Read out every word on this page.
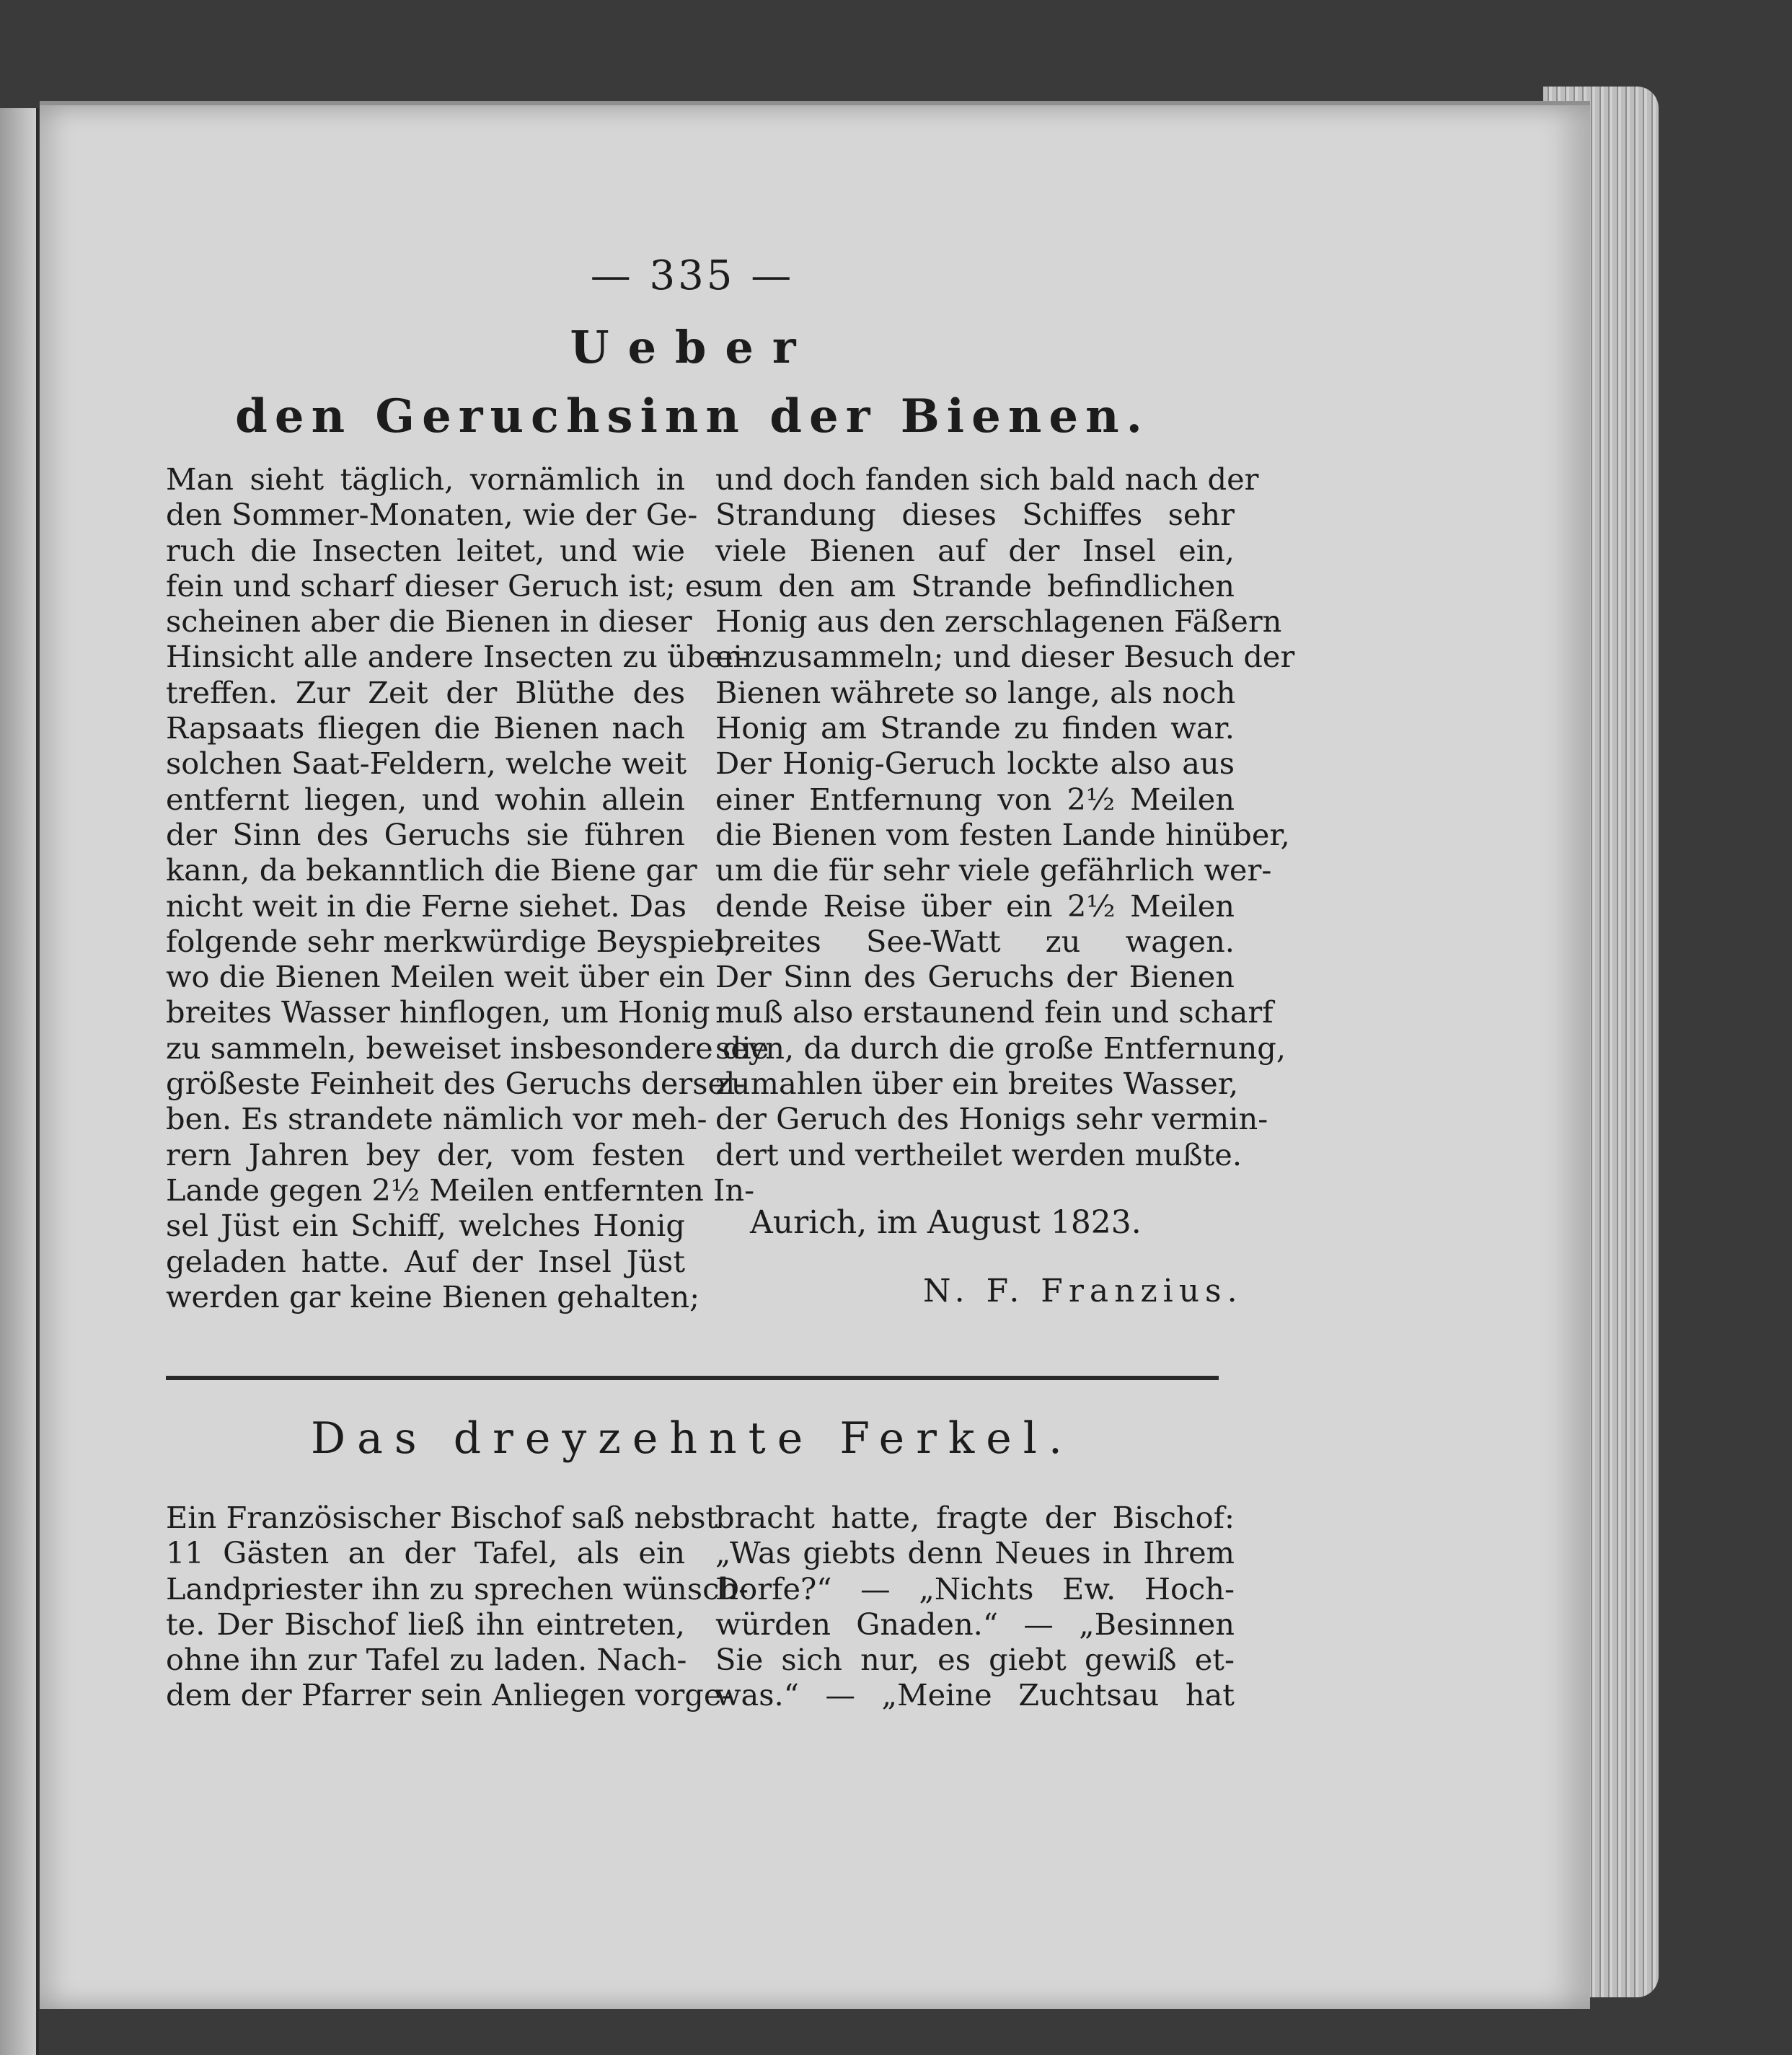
— 335 —
Ueber
den Geruchsinn der Bienen.
Man sieht täglich, vornämlich in
den Sommer-Monaten, wie der Ge-
ruch die Insecten leitet, und wie
fein und scharf dieser Geruch ist; es
scheinen aber die Bienen in dieser
Hinsicht alle andere Insecten zu über-
treffen. Zur Zeit der Blüthe des
Rapsaats fliegen die Bienen nach
solchen Saat-Feldern, welche weit
entfernt liegen, und wohin allein
der Sinn des Geruchs sie führen
kann, da bekanntlich die Biene gar
nicht weit in die Ferne siehet. Das
folgende sehr merkwürdige Beyspiel,
wo die Bienen Meilen weit über ein
breites Wasser hinflogen, um Honig
zu sammeln, beweiset insbesondere die
größeste Feinheit des Geruchs dersel-
ben. Es strandete nämlich vor meh-
rern Jahren bey der, vom festen
Lande gegen 2½ Meilen entfernten In-
sel Jüst ein Schiff, welches Honig
geladen hatte. Auf der Insel Jüst
werden gar keine Bienen gehalten;
und doch fanden sich bald nach der
Strandung dieses Schiffes sehr
viele Bienen auf der Insel ein,
um den am Strande befindlichen
Honig aus den zerschlagenen Fäßern
einzusammeln; und dieser Besuch der
Bienen währete so lange, als noch
Honig am Strande zu finden war.
Der Honig-Geruch lockte also aus
einer Entfernung von 2½ Meilen
die Bienen vom festen Lande hinüber,
um die für sehr viele gefährlich wer-
dende Reise über ein 2½ Meilen
breites See-Watt zu wagen.
Der Sinn des Geruchs der Bienen
muß also erstaunend fein und scharf
seyn, da durch die große Entfernung,
zumahlen über ein breites Wasser,
der Geruch des Honigs sehr vermin-
dert und vertheilet werden mußte.
Aurich, im August 1823.
N. F. Franzius.
Das dreyzehnte Ferkel.
Ein Französischer Bischof saß nebst
11 Gästen an der Tafel, als ein
Landpriester ihn zu sprechen wünsch-
te. Der Bischof ließ ihn eintreten,
ohne ihn zur Tafel zu laden. Nach-
dem der Pfarrer sein Anliegen vorge-
bracht hatte, fragte der Bischof:
„Was giebts denn Neues in Ihrem
Dorfe?“ — „Nichts Ew. Hoch-
würden Gnaden.“ — „Besinnen
Sie sich nur, es giebt gewiß et-
was.“ — „Meine Zuchtsau hat
